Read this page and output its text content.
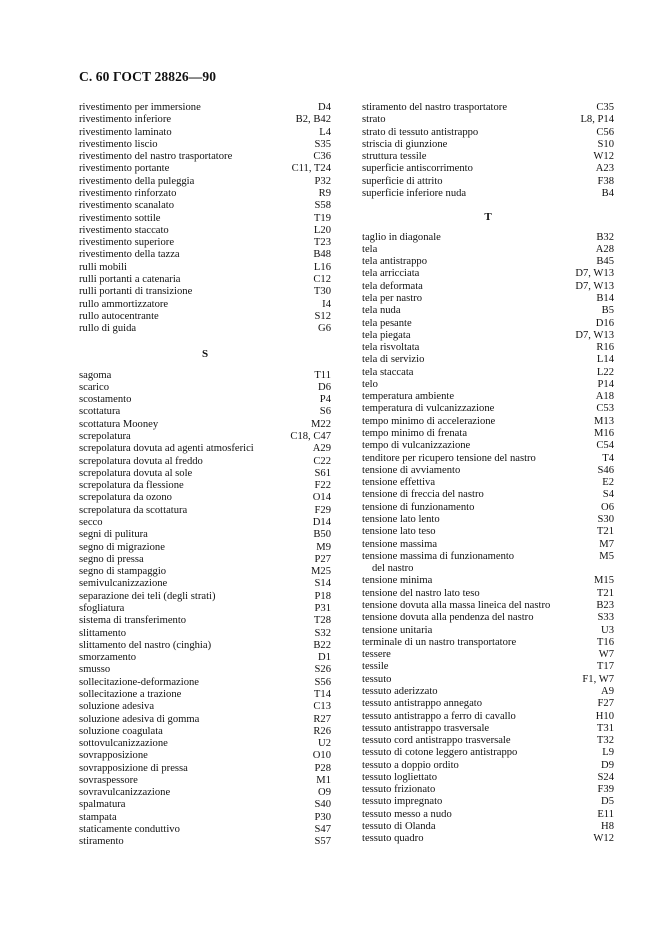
С. 60 ГОСТ 28826—90
rivestimento per immersione	D4
rivestimento inferiore	B2, B42
rivestimento laminato	L4
rivestimento liscio	S35
rivestimento del nastro trasportatore	C36
rivestimento portante	C11, T24
rivestimento della puleggia	P32
rivestimento rinforzato	R9
rivestimento scanalato	S58
rivestimento sottile	T19
rivestimento staccato	L20
rivestimento superiore	T23
rivestimento della tazza	B48
rulli mobili	L16
rulli portanti a catenaria	C12
rulli portanti di transizione	T30
rullo ammortizzatore	I4
rullo autocentrante	S12
rullo di guida	G6
S
sagoma	T11
scarico	D6
scostamento	P4
scottatura	S6
scottatura Mooney	M22
screpolatura	C18, C47
screpolatura dovuta ad agenti atmosferici	A29
screpolatura dovuta al freddo	C22
screpolatura dovuta al sole	S61
screpolatura da flessione	F22
screpolatura da ozono	O14
screpolatura da scottatura	F29
secco	D14
segni di pulitura	B50
segno di migrazione	M9
segno di pressa	P27
segno di stampaggio	M25
semivulcanizzazione	S14
separazione dei teli (degli strati)	P18
sfogliatura	P31
sistema di transferimento	T28
slittamento	S32
slittamento del nastro (cinghia)	B22
smorzamento	D1
smusso	S26
sollecitazione-deformazione	S56
sollecitazione a trazione	T14
soluzione adesiva	C13
soluzione adesiva di gomma	R27
soluzione coagulata	R26
sottovulcanizzazione	U2
sovrapposizione	O10
sovrapposizione di pressa	P28
sovraspessore	M1
sovravulcanizzazione	O9
spalmatura	S40
stampata	P30
staticamente conduttivo	S47
stiramento	S57
stiramento del nastro trasportatore	C35
strato	L8, P14
strato di tessuto antistrappo	C56
striscia di giunzione	S10
struttura tessile	W12
superficie antiscorrimento	A23
superficie di attrito	F38
superficie inferiore nuda	B4
T
taglio in diagonale	B32
tela	A28
tela antistrappo	B45
tela arricciata	D7, W13
tela deformata	D7, W13
tela per nastro	B14
tela nuda	B5
tela pesante	D16
tela piegata	D7, W13
tela risvoltata	R16
tela di servizio	L14
tela staccata	L22
telo	P14
temperatura ambiente	A18
temperatura di vulcanizzazione	C53
tempo minimo di accelerazione	M13
tempo minimo di frenata	M16
tempo di vulcanizzazione	C54
tenditore per ricupero tensione del nastro	T4
tensione di avviamento	S46
tensione effettiva	E2
tensione di freccia del nastro	S4
tensione di funzionamento	O6
tensione lato lento	S30
tensione lato teso	T21
tensione massima	M7
tensione massima di funzionamento
del nastro
M5
tensione minima	M15
tensione del nastro lato teso	T21
tensione dovuta alla massa lineica del nastro	B23
tensione dovuta alla pendenza del nastro	S33
tensione unitaria	U3
terminale di un nastro transportatore	T16
tessere	W7
tessile	T17
tessuto	F1, W7
tessuto aderizzato	A9
tessuto antistrappo annegato	F27
tessuto antistrappo a ferro di cavallo	H10
tessuto antistrappo trasversale	T31
tessuto cord antistrappo trasversale	T32
tessuto di cotone leggero antistrappo	L9
tessuto a doppio ordito	D9
tessuto logliettato	S24
tessuto frizionato	F39
tessuto impregnato	D5
tessuto messo a nudo	E11
tessuto di Olanda	H8
tessuto quadro	W12
